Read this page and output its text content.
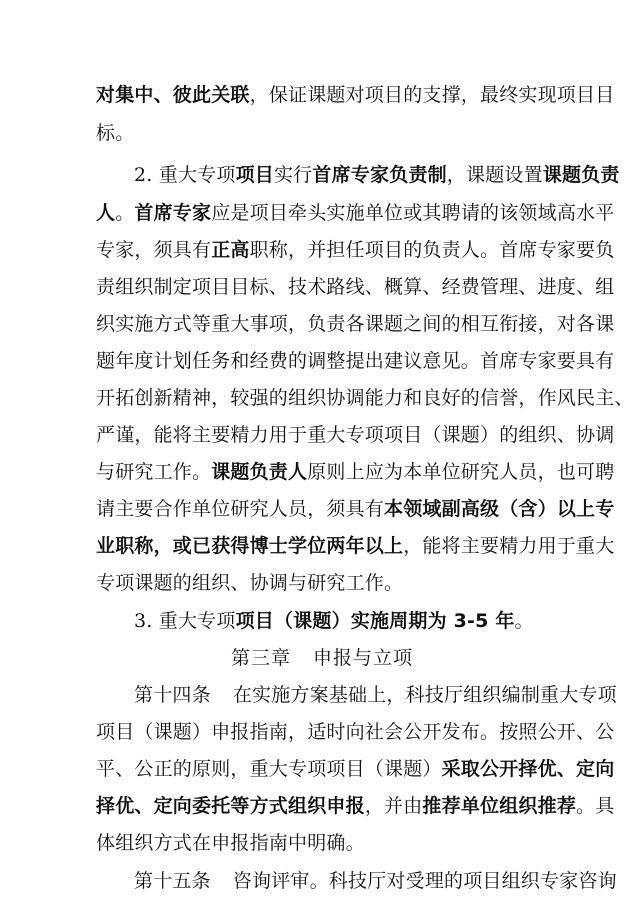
对集中、彼此关联，保证课题对项目的支撑，最终实现项目目
标。
2. 重大专项项目实行首席专家负责制，课题设置课题负责
人。首席专家应是项目牵头实施单位或其聘请的该领域高水平
专家，须具有正高职称，并担任项目的负责人。首席专家要负
责组织制定项目目标、技术路线、概算、经费管理、进度、组
织实施方式等重大事项，负责各课题之间的相互衔接，对各课
题年度计划任务和经费的调整提出建议意见。首席专家要具有
开拓创新精神，较强的组织协调能力和良好的信誉，作风民主、
严谨，能将主要精力用于重大专项项目（课题）的组织、协调
与研究工作。课题负责人原则上应为本单位研究人员，也可聘
请主要合作单位研究人员，须具有本领域副高级（含）以上专
业职称，或已获得博士学位两年以上，能将主要精力用于重大
专项课题的组织、协调与研究工作。
3. 重大专项项目（课题）实施周期为 3-5 年。
第三章 申报与立项
第十四条 在实施方案基础上，科技厅组织编制重大专项
项目（课题）申报指南，适时向社会公开发布。按照公开、公
平、公正的原则，重大专项项目（课题）采取公开择优、定向
择优、定向委托等方式组织申报，并由推荐单位组织推荐。具
体组织方式在申报指南中明确。
第十五条 咨询评审。科技厅对受理的项目组织专家咨询
